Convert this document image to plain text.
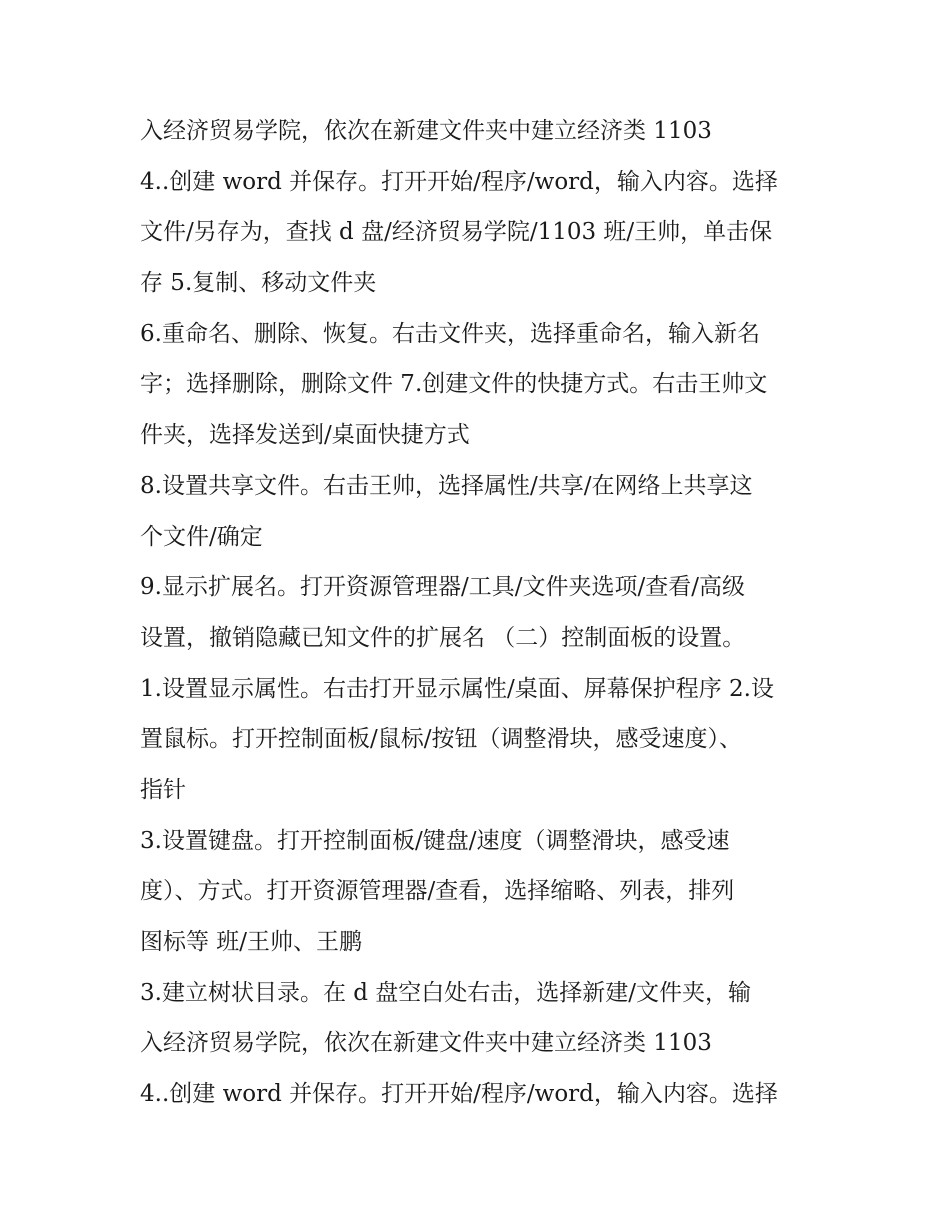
入经济贸易学院，依次在新建文件夹中建立经济类 1103
4..创建 word 并保存。打开开始/程序/word，输入内容。选择
文件/另存为，查找 d 盘/经济贸易学院/1103 班/王帅，单击保
存 5.复制、移动文件夹
6.重命名、删除、恢复。右击文件夹，选择重命名，输入新名
字；选择删除，删除文件 7.创建文件的快捷方式。右击王帅文
件夹，选择发送到/桌面快捷方式
8.设置共享文件。右击王帅，选择属性/共享/在网络上共享这
个文件/确定
9.显示扩展名。打开资源管理器/工具/文件夹选项/查看/高级
设置，撤销隐藏已知文件的扩展名 （二）控制面板的设置。
1.设置显示属性。右击打开显示属性/桌面、屏幕保护程序 2.设
置鼠标。打开控制面板/鼠标/按钮（调整滑块，感受速度）、
指针
3.设置键盘。打开控制面板/键盘/速度（调整滑块，感受速
度）、方式。打开资源管理器/查看，选择缩略、列表，排列
图标等 班/王帅、王鹏
3.建立树状目录。在 d 盘空白处右击，选择新建/文件夹，输
入经济贸易学院，依次在新建文件夹中建立经济类 1103
4..创建 word 并保存。打开开始/程序/word，输入内容。选择
